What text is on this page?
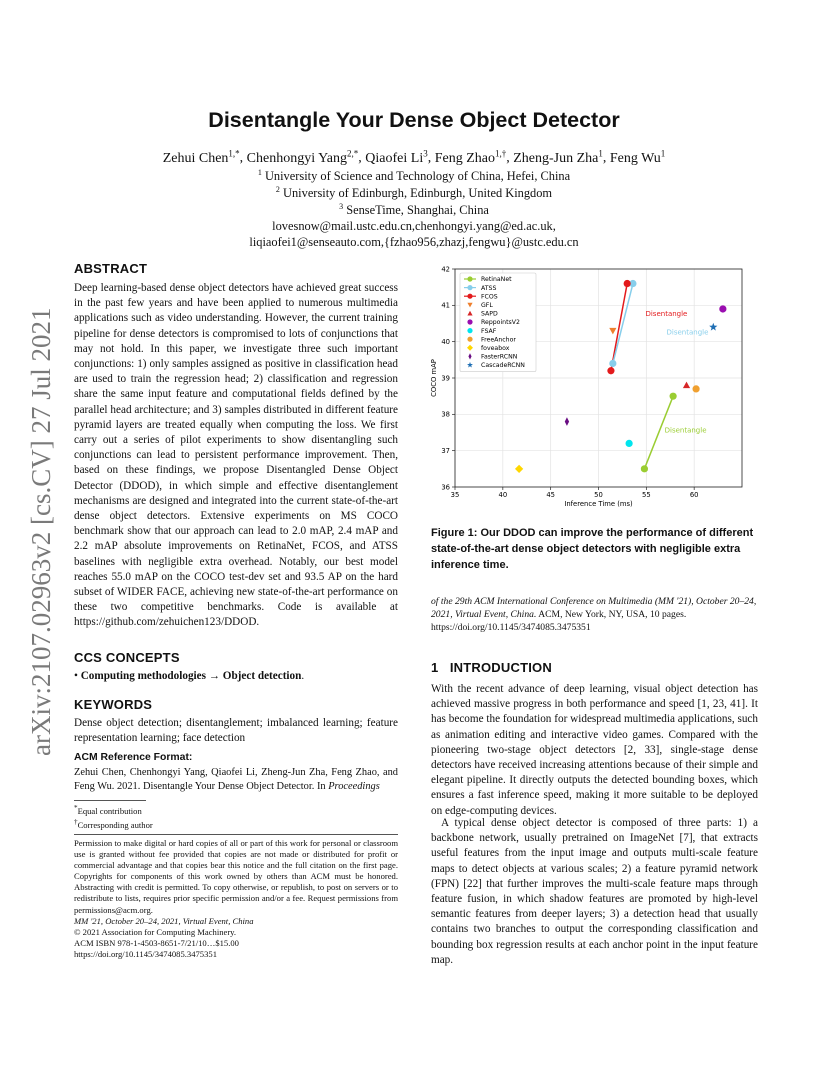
arXiv:2107.02963v2 [cs.CV] 27 Jul 2021
Disentangle Your Dense Object Detector
Zehui Chen$^{1,*}$, Chenhongyi Yang$^{2,*}$, Qiaofei Li$^3$, Feng Zhao$^{1,\dagger}$, Zheng-Jun Zha$^1$, Feng Wu$^1$
$^1$ University of Science and Technology of China, Hefei, China
$^2$ University of Edinburgh, Edinburgh, United Kingdom
$^3$ SenseTime, Shanghai, China
lovesnow@mail.ustc.edu.cn,chenhongyi.yang@ed.ac.uk,
liqiaofei1@senseauto.com,{fzhao956,zhazj,fengwu}@ustc.edu.cn
ABSTRACT
Deep learning-based dense object detectors have achieved great success in the past few years and have been applied to numerous multimedia applications such as video understanding. However, the current training pipeline for dense detectors is compromised to lots of conjunctions that may not hold. In this paper, we investigate three such important conjunctions: 1) only samples assigned as positive in classification head are used to train the regression head; 2) classification and regression share the same input feature and computational fields defined by the parallel head architecture; and 3) samples distributed in different feature pyramid layers are treated equally when computing the loss. We first carry out a series of pilot experiments to show disentangling such conjunctions can lead to persistent performance improvement. Then, based on these findings, we propose Disentangled Dense Object Detector (DDOD), in which simple and effective disentanglement mechanisms are designed and integrated into the current state-of-the-art dense object detectors. Extensive experiments on MS COCO benchmark show that our approach can lead to 2.0 mAP, 2.4 mAP and 2.2 mAP absolute improvements on RetinaNet, FCOS, and ATSS baselines with negligible extra overhead. Notably, our best model reaches 55.0 mAP on the COCO test-dev set and 93.5 AP on the hard subset of WIDER FACE, achieving new state-of-the-art performance on these two competitive benchmarks. Code is available at https://github.com/zehuichen123/DDOD.
CCS CONCEPTS
• Computing methodologies → Object detection.
KEYWORDS
Dense object detection; disentanglement; imbalanced learning; feature representation learning; face detection
ACM Reference Format:
Zehui Chen, Chenhongyi Yang, Qiaofei Li, Zheng-Jun Zha, Feng Zhao, and Feng Wu. 2021. Disentangle Your Dense Object Detector. In Proceedings
*Equal contribution
†Corresponding author
Permission to make digital or hard copies of all or part of this work for personal or classroom use is granted without fee provided that copies are not made or distributed for profit or commercial advantage and that copies bear this notice and the full citation on the first page. Copyrights for components of this work owned by others than ACM must be honored. Abstracting with credit is permitted. To copy otherwise, or republish, to post on servers or to redistribute to lists, requires prior specific permission and/or a fee. Request permissions from permissions@acm.org.
MM '21, October 20–24, 2021, Virtual Event, China
© 2021 Association for Computing Machinery.
ACM ISBN 978-1-4503-8651-7/21/10…$15.00
https://doi.org/10.1145/3474085.3475351
35	40	45	50	55	60
36
37
38
39
40
41
42
Inference Time (ms)
COCO mAP
Disentangle
Disentangle
Disentangle
RetinaNet
ATSS
FCOS
GFL
SAPD
ReppointsV2
FSAF
FreeAnchor
foveabox
FasterRCNN
CascadeRCNN
Figure 1: Our DDOD can improve the performance of different state-of-the-art dense object detectors with negligible extra inference time.
of the 29th ACM International Conference on Multimedia (MM '21), October 20–24, 2021, Virtual Event, China. ACM, New York, NY, USA, 10 pages. https://doi.org/10.1145/3474085.3475351
1   INTRODUCTION
With the recent advance of deep learning, visual object detection has achieved massive progress in both performance and speed [1, 23, 41]. It has become the foundation for widespread multimedia applications, such as animation editing and interactive video games. Compared with the pioneering two-stage object detectors [2, 33], single-stage dense detectors have received increasing attentions because of their simple and elegant pipeline. It directly outputs the detected bounding boxes, which ensures a fast inference speed, making it more suitable to be deployed on edge-computing devices.
A typical dense object detector is composed of three parts: 1) a backbone network, usually pretrained on ImageNet [7], that extracts useful features from the input image and outputs multi-scale feature maps to detect objects at various scales; 2) a feature pyramid network (FPN) [22] that further improves the multi-scale feature maps through feature fusion, in which shadow features are promoted by high-level semantic features from deeper layers; 3) a detection head that usually contains two branches to output the corresponding classification and bounding box regression results at each anchor point in the input feature map.
